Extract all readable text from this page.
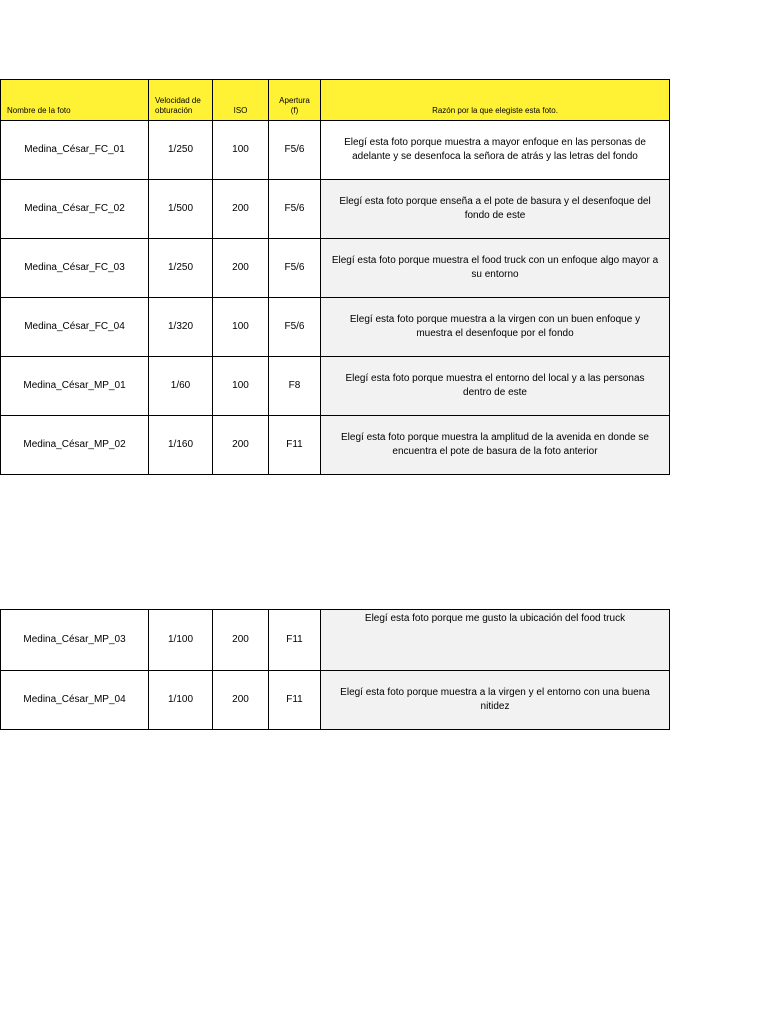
Nombre de la foto	Velocidad de obturación	ISO	Apertura (f)	Razón por la que elegiste esta foto.
Medina_César_FC_01	1/250	100	F5/6	Elegí esta foto porque muestra a mayor enfoque en las personas de adelante y se desenfoca la señora de atrás y las letras del fondo
Medina_César_FC_02	1/500	200	F5/6	Elegí esta foto porque enseña a el pote de basura y el desenfoque del fondo de este
Medina_César_FC_03	1/250	200	F5/6	Elegí esta foto porque muestra el food truck con un enfoque algo mayor a su entorno
Medina_César_FC_04	1/320	100	F5/6	Elegí esta foto porque muestra a la virgen con un buen enfoque y muestra el desenfoque por el fondo
Medina_César_MP_01	1/60	100	F8	Elegí esta foto porque muestra el entorno del local y a las personas dentro de este
Medina_César_MP_02	1/160	200	F11	Elegí esta foto porque muestra la amplitud de la avenida en donde se encuentra el pote de basura de la foto anterior
Medina_César_MP_03	1/100	200	F11	Elegí esta foto porque me gusto la ubicación del food truck
Medina_César_MP_04	1/100	200	F11	Elegí esta foto porque muestra a la virgen y el entorno con una buena nitidez
